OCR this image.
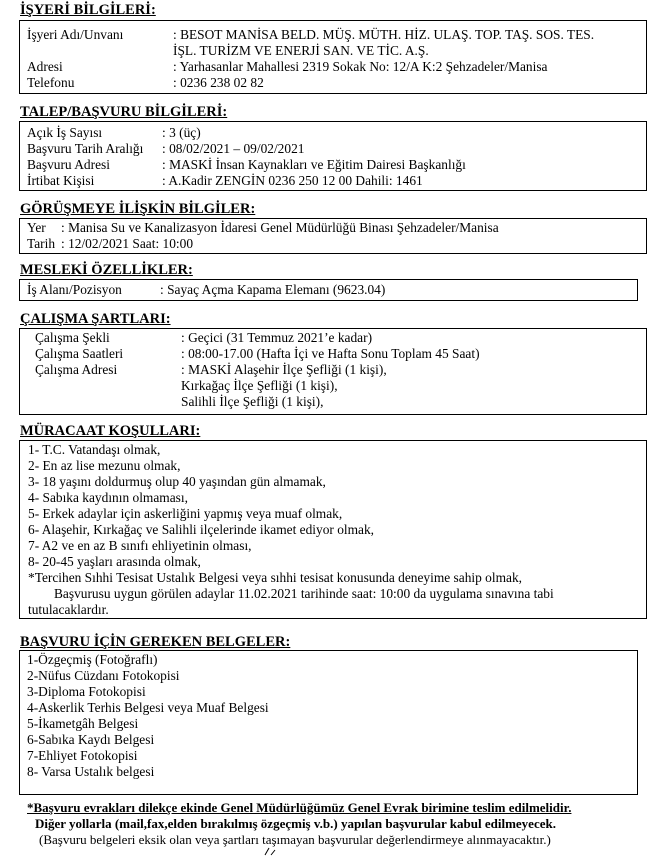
İŞYERİ BİLGİLERİ:
İşyeri Adı/Unvanı	: BESOT MANİSA BELD. MÜŞ. MÜTH. HİZ. ULAŞ. TOP. TAŞ. SOS. TES.
İŞL. TURİZM VE ENERJİ SAN. VE TİC. A.Ş.
Adresi	: Yarhasanlar Mahallesi 2319 Sokak No: 12/A K:2 Şehzadeler/Manisa
Telefonu	: 0236 238 02 82
TALEP/BAŞVURU BİLGİLERİ:
Açık İş Sayısı	: 3 (üç)
Başvuru Tarih Aralığı : 08/02/2021 – 09/02/2021
Başvuru Adresi	: MASKİ İnsan Kaynakları ve Eğitim Dairesi Başkanlığı
İrtibat Kişisi	: A.Kadir ZENGİN 0236 250 12 00 Dahili: 1461
GÖRÜŞMEYE İLİŞKİN BİLGİLER:
Yer : Manisa Su ve Kanalizasyon İdaresi Genel Müdürlüğü Binası Şehzadeler/Manisa
Tarih : 12/02/2021 Saat: 10:00
MESLEKİ ÖZELLİKLER:
İş Alanı/Pozisyon	: Sayaç Açma Kapama Elemanı (9623.04)
ÇALIŞMA ŞARTLARI:
Çalışma Şekli	: Geçici (31 Temmuz 2021’e kadar)
Çalışma Saatleri	: 08:00-17.00 (Hafta İçi ve Hafta Sonu Toplam 45 Saat)
Çalışma Adresi	: MASKİ Alaşehir İlçe Şefliği (1 kişi),
Kırkağaç İlçe Şefliği (1 kişi),
Salihli İlçe Şefliği (1 kişi),
MÜRACAAT KOŞULLARI:
1- T.C. Vatandaşı olmak,
2- En az lise mezunu olmak,
3- 18 yaşını doldurmuş olup 40 yaşından gün almamak,
4- Sabıka kaydının olmaması,
5- Erkek adaylar için askerliğini yapmış veya muaf olmak,
6- Alaşehir, Kırkağaç ve Salihli ilçelerinde ikamet ediyor olmak,
7- A2 ve en az B sınıfı ehliyetinin olması,
8- 20-45 yaşları arasında olmak,
*Tercihen Sıhhi Tesisat Ustalık Belgesi veya sıhhi tesisat konusunda deneyime sahip olmak,
Başvurusu uygun görülen adaylar 11.02.2021 tarihinde saat: 10:00 da uygulama sınavına tabi
tutulacaklardır.
BAŞVURU İÇİN GEREKEN BELGELER:
1-Özgeçmiş (Fotoğraflı)
2-Nüfus Cüzdanı Fotokopisi
3-Diploma Fotokopisi
4-Askerlik Terhis Belgesi veya Muaf Belgesi
5-İkametgâh Belgesi
6-Sabıka Kaydı Belgesi
7-Ehliyet Fotokopisi
8- Varsa Ustalık belgesi
*Başvuru evrakları dilekçe ekinde Genel Müdürlüğümüz Genel Evrak birimine teslim edilmelidir.
Diğer yollarla (mail,fax,elden bırakılmış özgeçmiş v.b.) yapılan başvurular kabul edilmeyecek.
(Başvuru belgeleri eksik olan veya şartları taşımayan başvurular değerlendirmeye alınmayacaktır.)
